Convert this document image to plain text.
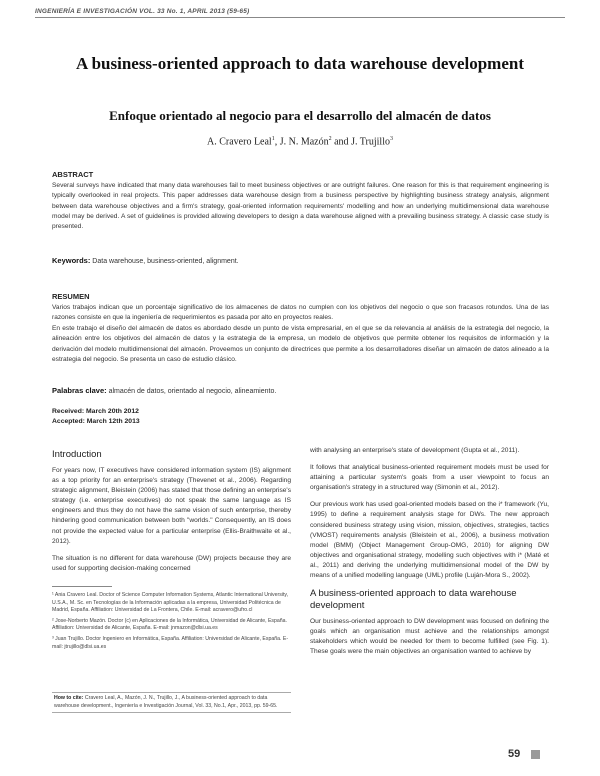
INGENIERÍA E INVESTIGACIÓN VOL. 33 No. 1, APRIL 2013 (59-65)
A business-oriented approach to data warehouse development
Enfoque orientado al negocio para el desarrollo del almacén de datos
A. Cravero Leal$^1$, J. N. Mazón$^2$ and J. Trujillo$^3$
ABSTRACT
Several surveys have indicated that many data warehouses fail to meet business objectives or are outright failures. One reason for this is that requirement engineering is typically overlooked in real projects. This paper addresses data warehouse design from a business perspective by highlighting business strategy analysis, alignment between data warehouse objectives and a firm's strategy, goal-oriented information requirements' modelling and how an underlying multidimensional data warehouse model may be derived. A set of guidelines is provided allowing developers to design a data warehouse aligned with a prevailing business strategy. A classic case study is presented.
Keywords: Data warehouse, business-oriented, alignment.
RESUMEN
Varios trabajos indican que un porcentaje significativo de los almacenes de datos no cumplen con los objetivos del negocio o que son fracasos rotundos. Una de las razones consiste en que la ingeniería de requerimientos es pasada por alto en proyectos reales.
En este trabajo el diseño del almacén de datos es abordado desde un punto de vista empresarial, en el que se da relevancia al análisis de la estrategia del negocio, la alineación entre los objetivos del almacén de datos y la estrategia de la empresa, un modelo de objetivos que permite obtener los requisitos de información y la derivación del modelo multidimensional del almacén. Proveemos un conjunto de directrices que permite a los desarrolladores diseñar un almacén de datos alineado a la estrategia del negocio. Se presenta un caso de estudio clásico.
Palabras clave: almacén de datos, orientado al negocio, alineamiento.
Received: March 20th 2012
Accepted: March 12th 2013
Introduction

For years now, IT executives have considered information system (IS) alignment as a top priority for an enterprise's strategy (Thevenet et al., 2006). Regarding strategic alignment, Bleistein (2006) has stated that those defining an enterprise's strategy (i.e. enterprise executives) do not speak the same language as IS engineers and thus they do not have the same vision of such enterprise, thereby hindering good communication between both "worlds." Consequently, an IS does not provide the expected value for a particular enterprise (Ellis-Braithwaite et al., 2012).

The situation is no different for data warehouse (DW) projects because they are used for supporting decision-making concerned

¹ Ania Cravero Leal. Doctor of Science Computer Information Systems, Atlantic International University, U.S.A., M. Sc. en Tecnologías de la Información aplicadas a la empresa, Universidad Politécnica de Madrid, España. Affiliation: Universidad de La Frontera, Chile. E-mail: acravero@ufro.cl

² Jose-Norberto Mazón. Doctor (c) en Aplicaciones de la Informática, Universidad de Alicante, España. Affiliation: Universidad de Alicante, España. E-mail: jnmazon@dlsi.ua.es

³ Juan Trujillo. Doctor Ingeniero en Informática, España. Affiliation: Universidad de Alicante, España. E-mail: jtrujillo@dlsi.ua.es

How to cite: Cravero Leal, A., Mazón, J. N., Trujillo, J., A business-oriented approach to data warehouse development., Ingeniería e Investigación Journal, Vol. 33, No.1, Apr., 2013, pp. 59-65.

with analysing an enterprise's state of development (Gupta et al., 2011).

It follows that analytical business-oriented requirement models must be used for attaining a particular system's goals from a user viewpoint to focus an organisation's strategy in a structured way (Simonin et al., 2012).

Our previous work has used goal-oriented models based on the i* framework (Yu, 1995) to define a requirement analysis stage for DWs. The new approach considered business strategy using vision, mission, objectives, strategies, tactics (VMOST) requirements analysis (Bleistein et al., 2006), a business motivation model (BMM) (Object Management Group-OMG, 2010) for aligning DW objectives and organisational strategy, modelling such objectives with i* (Maté et al., 2011) and deriving the underlying multidimensional model of the DW by means of a unified modelling language (UML) profile (Luján-Mora S., 2002).

A business-oriented approach to data warehouse development

Our business-oriented approach to DW development was focused on defining the goals which an organisation must achieve and the relationships amongst stakeholders which would be needed for them to become fulfilled (see Fig. 1). These goals were the main objectives an organisation wanted to achieve by

59
